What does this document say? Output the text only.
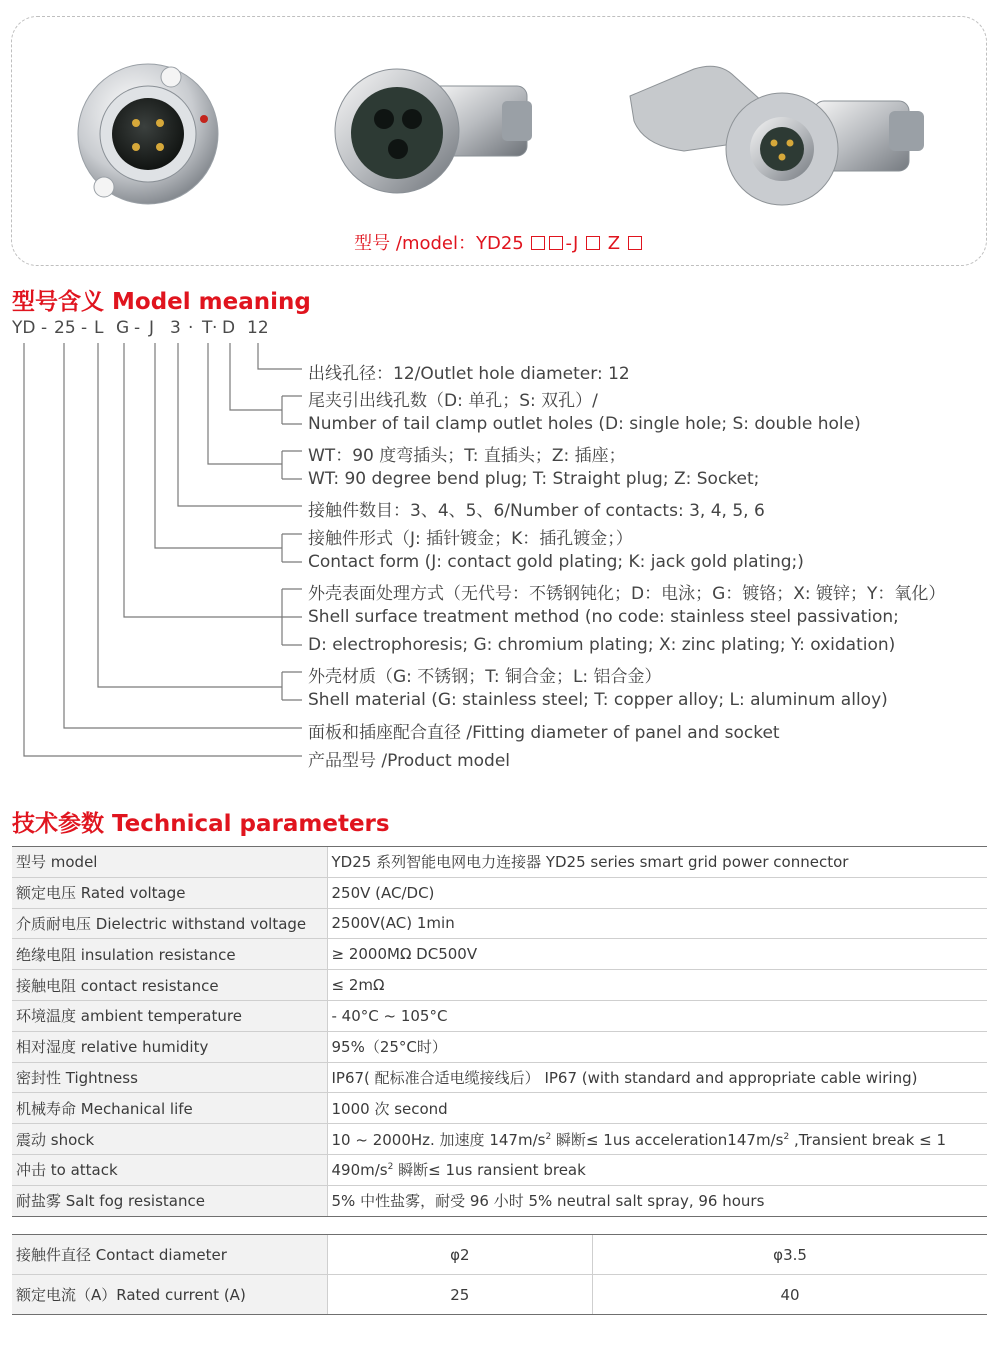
型号 /model：YD25 -J Z
型号含义 Model meaning
YD - 25 - L G - J 3 · T · D 12
出线孔径：12/Outlet hole diameter: 12
尾夹引出线孔数（D: 单孔；S: 双孔）/
Number of tail clamp outlet holes (D: single hole; S: double hole)
WT：90 度弯插头；T: 直插头；Z: 插座；
WT: 90 degree bend plug; T: Straight plug; Z: Socket;
接触件数目：3、4、5、6/Number of contacts: 3, 4, 5, 6
接触件形式（J: 插针镀金；K：插孔镀金；）
Contact form (J: contact gold plating; K: jack gold plating;)
外壳表面处理方式（无代号：不锈钢钝化；D：电泳；G：镀铬；X: 镀锌；Y：氧化）
Shell surface treatment method (no code: stainless steel passivation;
D: electrophoresis; G: chromium plating; X: zinc plating; Y: oxidation)
外壳材质（G: 不锈钢；T: 铜合金；L: 铝合金）
Shell material (G: stainless steel; T: copper alloy; L: aluminum alloy)
面板和插座配合直径 /Fitting diameter of panel and socket
产品型号 /Product model
技术参数 Technical parameters
型号 model	YD25 系列智能电网电力连接器 YD25 series smart grid power connector
额定电压 Rated voltage	250V (AC/DC)
介质耐电压 Dielectric withstand voltage	2500V(AC) 1min
绝缘电阻 insulation resistance	≥ 2000MΩ DC500V
接触电阻 contact resistance	≤ 2mΩ
环境温度 ambient temperature	- 40°C ~ 105°C
相对湿度 relative humidity	95%（25°C时）
密封性 Tightness	IP67( 配标准合适电缆接线后） IP67 (with standard and appropriate cable wiring)
机械寿命 Mechanical life	1000 次 second
震动 shock	10 ~ 2000Hz. 加速度 $147m/s^2$ 瞬断≤ 1us $acceleration147m/s^2$ ,Transient break ≤ 1
冲击 to attack	$490m/s^2$ 瞬断≤ 1us ransient break
耐盐雾 Salt fog resistance	5% 中性盐雾，耐受 96 小时 5% neutral salt spray, 96 hours
接触件直径 Contact diameter	φ2	φ3.5
额定电流（A）Rated current (A)	25	40
